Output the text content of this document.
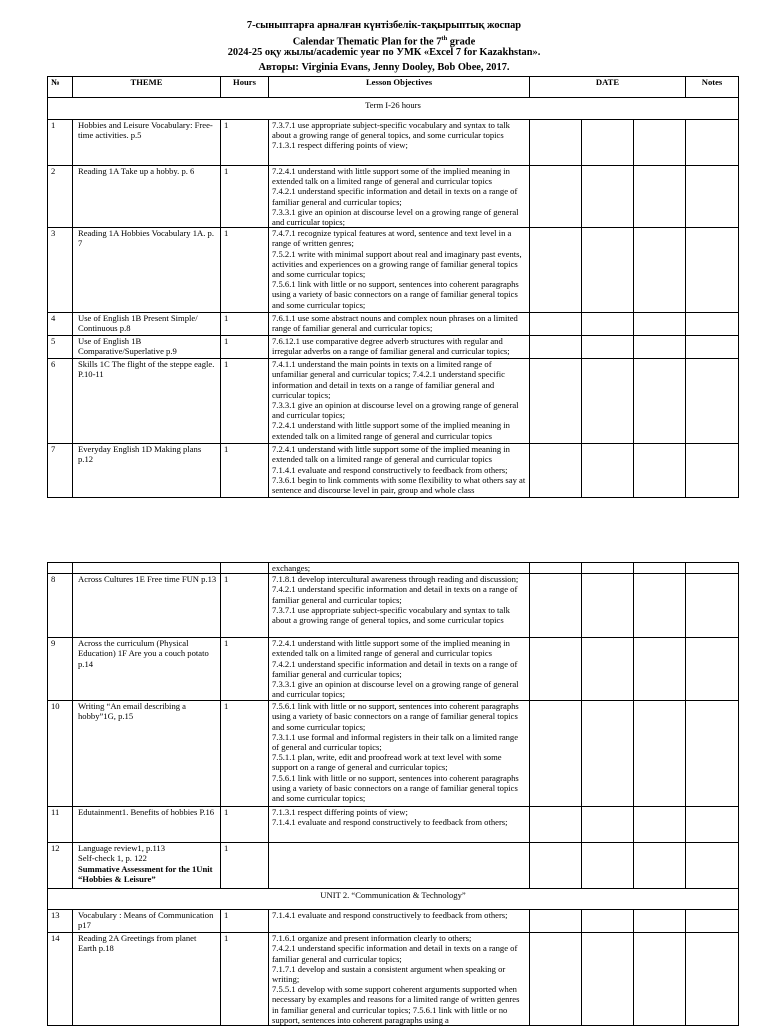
7-сыныптарға арналған күнтізбелік-тақырыптық жоспар
Calendar Thematic Plan for the 7th grade
2024-25 оқу жылы/academic year по УМК «Excel 7 for Kazakhstan».
Авторы: Virginia Evans, Jenny Dooley, Bob Obee, 2017.
№	THEME	Hours	Lesson Objectives	DATE			Notes
Term I-26 hours							
1	Hobbies and Leisure Vocabulary: Free-time activities. p.5	1	7.3.7.1 use appropriate subject-specific vocabulary and syntax to talk about a growing range of general topics, and some curricular topics
7.1.3.1 respect differing points of view;				

2	Reading 1A Take up a hobby. p. 6	1	7.2.4.1 understand with little support some of the implied meaning in extended talk on a limited range of general and curricular topics
7.4.2.1 understand specific information and detail in texts on a range of familiar general and curricular topics;
7.3.3.1 give an opinion at discourse level on a growing range of general and curricular topics;				

3	Reading 1A Hobbies Vocabulary 1A. p. 7	1	7.4.7.1 recognize typical features at word, sentence and text level in a range of written genres;
7.5.2.1 write with minimal support about real and imaginary past events, activities and experiences on a growing range of familiar general topics and some curricular topics;
7.5.6.1 link with little or no support, sentences into coherent paragraphs using a variety of basic connectors on a range of familiar general topics and some curricular topics;				

4	Use of English 1B Present Simple/ Continuous p.8	1	7.6.1.1 use some abstract nouns and complex noun phrases on a limited range of familiar general and curricular topics;				

5	Use of English 1B Comparative/Superlative p.9	1	7.6.12.1 use comparative degree adverb structures with regular and irregular adverbs on a range of familiar general and curricular topics;				

6	Skills 1C The flight of the steppe eagle. P.10-11	1	7.4.1.1 understand the main points in texts on a limited range of unfamiliar general and curricular topics; 7.4.2.1 understand specific information and detail in texts on a range of familiar general and curricular topics;
7.3.3.1 give an opinion at discourse level on a growing range of general and curricular topics;
7.2.4.1 understand with little support some of the implied meaning in extended talk on a limited range of general and curricular topics				

7	Everyday English 1D Making plans p.12	1	7.2.4.1 understand with little support some of the implied meaning in extended talk on a limited range of general and curricular topics
7.1.4.1 evaluate and respond constructively to feedback from others;
7.3.6.1 begin to link comments with some flexibility to what others say at sentence and discourse level in pair, group and whole class				

			exchanges;				

8	Across Cultures 1E Free time FUN p.13	1	7.1.8.1 develop intercultural awareness through reading and discussion;
7.4.2.1 understand specific information and detail in texts on a range of familiar general and curricular topics;
7.3.7.1 use appropriate subject-specific vocabulary and syntax to talk about a growing range of general topics, and some curricular topics				

9	Across the curriculum (Physical Education) 1F Are you a couch potato p.14	1	7.2.4.1 understand with little support some of the implied meaning in extended talk on a limited range of general and curricular topics
7.4.2.1 understand specific information and detail in texts on a range of familiar general and curricular topics;
7.3.3.1 give an opinion at discourse level on a growing range of general and curricular topics;				

10	Writing “An email describing a hobby”1G, p.15	1	7.5.6.1 link with little or no support, sentences into coherent paragraphs using a variety of basic connectors on a range of familiar general topics and some curricular topics;
7.3.1.1 use formal and informal registers in their talk on a limited range of general and curricular topics;
7.5.1.1 plan, write, edit and proofread work at text level with some support on a range of general and curricular topics;
7.5.6.1 link with little or no support, sentences into coherent paragraphs using a variety of basic connectors on a range of familiar general topics and some curricular topics;				

11	Edutainment1. Benefits of hobbies P.16	1	7.1.3.1 respect differing points of view;
7.1.4.1 evaluate and respond constructively to feedback from others;				

12	Language review1, p.113
Self-check 1, p. 122
Summative Assessment for the 1Unit “Hobbies & Leisure”	1					
UNIT 2. “Communication & Technology”							
13	Vocabulary : Means of Communication p17	1	7.1.4.1 evaluate and respond constructively to feedback from others;				

14	Reading 2A Greetings from planet Earth p.18	1	7.1.6.1 organize and present information clearly to others;
7.4.2.1 understand specific information and detail in texts on a range of familiar general and curricular topics;
7.1.7.1 develop and sustain a consistent argument when speaking or writing;
7.5.5.1 develop with some support coherent arguments supported when necessary by examples and reasons for a limited range of written genres in familiar general and curricular topics; 7.5.6.1 link with little or no support, sentences into coherent paragraphs using a				
